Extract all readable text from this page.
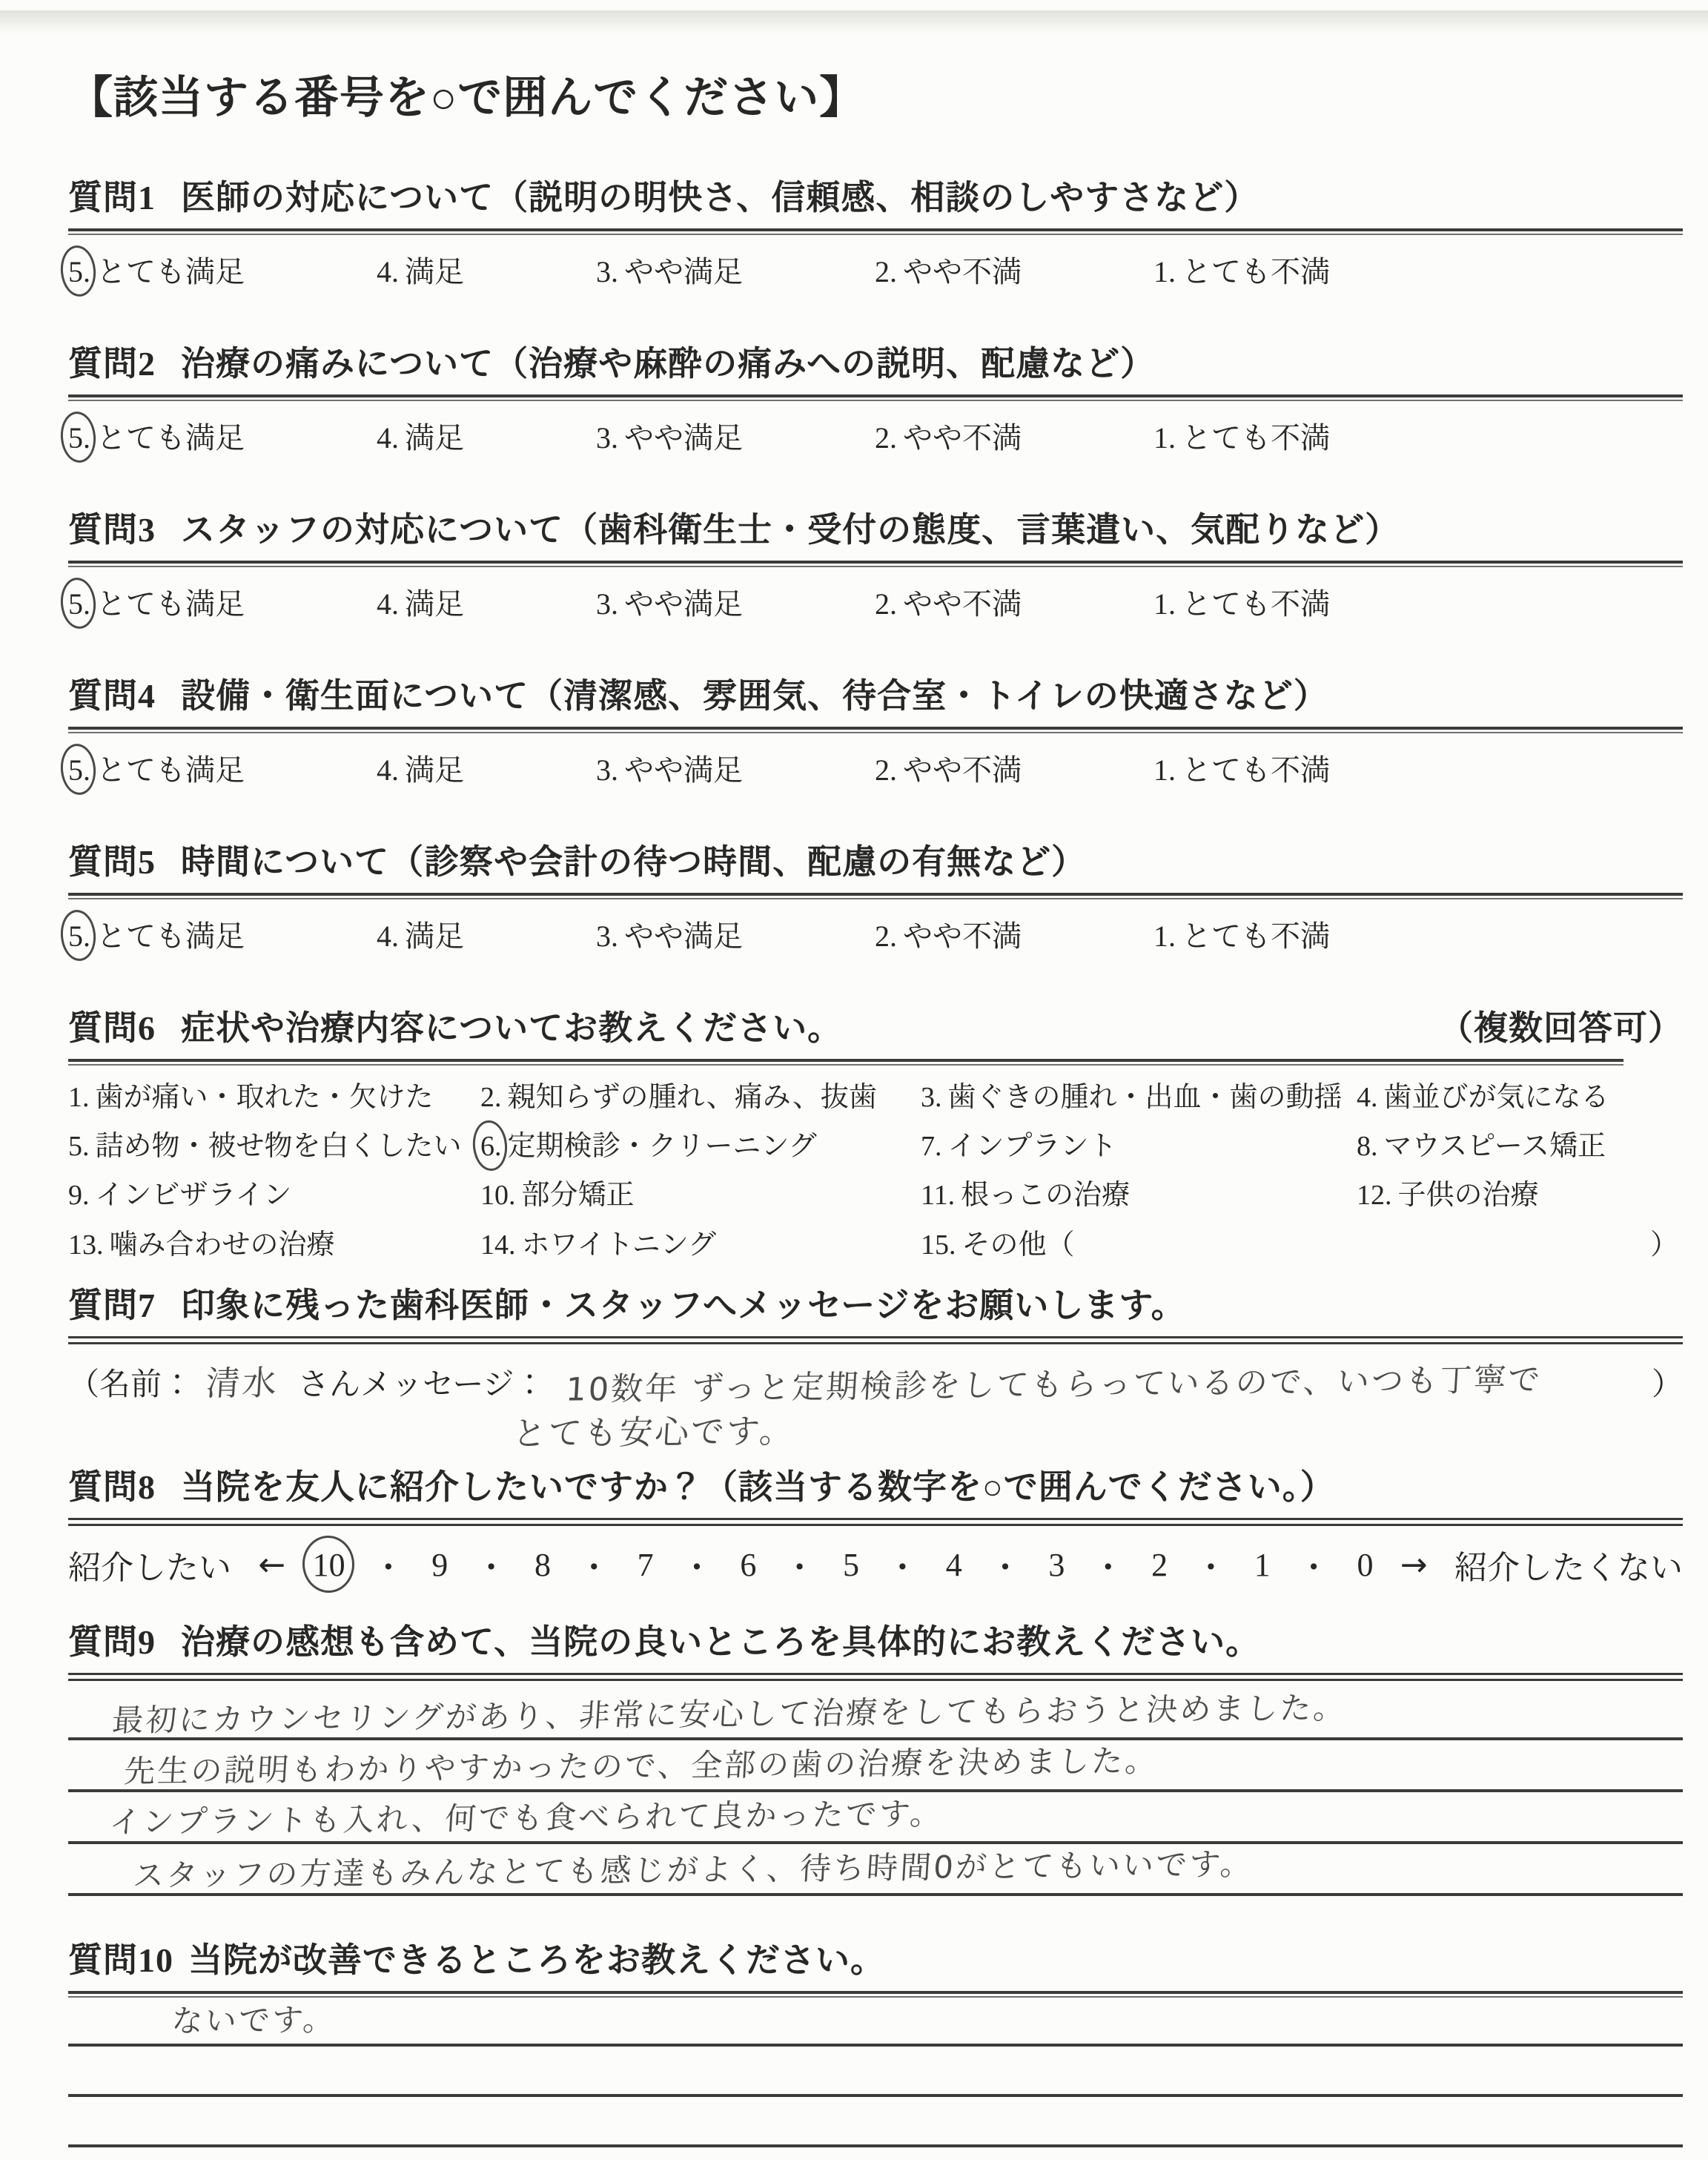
【該当する番号を○で囲んでください】
質問1 医師の対応について（説明の明快さ、信頼感、相談のしやすさなど）
5. とても満足	4. 満足	3. やや満足	2. やや不満	1. とても不満
質問2 治療の痛みについて（治療や麻酔の痛みへの説明、配慮など）
5. とても満足	4. 満足	3. やや満足	2. やや不満	1. とても不満
質問3 スタッフの対応について（歯科衛生士・受付の態度、言葉遣い、気配りなど）
5. とても満足	4. 満足	3. やや満足	2. やや不満	1. とても不満
質問4 設備・衛生面について（清潔感、雰囲気、待合室・トイレの快適さなど）
5. とても満足	4. 満足	3. やや満足	2. やや不満	1. とても不満
質問5 時間について（診察や会計の待つ時間、配慮の有無など）
5. とても満足	4. 満足	3. やや満足	2. やや不満	1. とても不満
質問6 症状や治療内容についてお教えください。	（複数回答可）
1. 歯が痛い・取れた・欠けた	2. 親知らずの腫れ、痛み、抜歯	3. 歯ぐきの腫れ・出血・歯の動揺 4. 歯並びが気になる
5. 詰め物・被せ物を白くしたい 6. 定期検診・クリーニング	7. インプラント	8. マウスピース矯正
9. インビザライン	10. 部分矯正	11. 根っこの治療	12. 子供の治療
13. 噛み合わせの治療	14. ホワイトニング	15. その他（	）
質問7 印象に残った歯科医師・スタッフへメッセージをお願いします。
（名前： 清水 さんメッセージ： 10数年 ずっと定期検診をしてもらっているので、いつも丁寧で	）
とても安心です。
質問8 当院を友人に紹介したいですか？（該当する数字を○で囲んでください。）
紹介したい ← 10 ・ 9 ・ 8 ・ 7 ・ 6 ・ 5 ・ 4 ・ 3 ・ 2 ・ 1 ・ 0 → 紹介したくない
質問9 治療の感想も含めて、当院の良いところを具体的にお教えください。
最初にカウンセリングがあり、非常に安心して治療をしてもらおうと決めました。
先生の説明もわかりやすかったので、全部の歯の治療を決めました。
インプラントも入れ、何でも食べられて良かったです。
スタッフの方達もみんなとても感じがよく、待ち時間0がとてもいいです。
質問10 当院が改善できるところをお教えください。
ないです。
